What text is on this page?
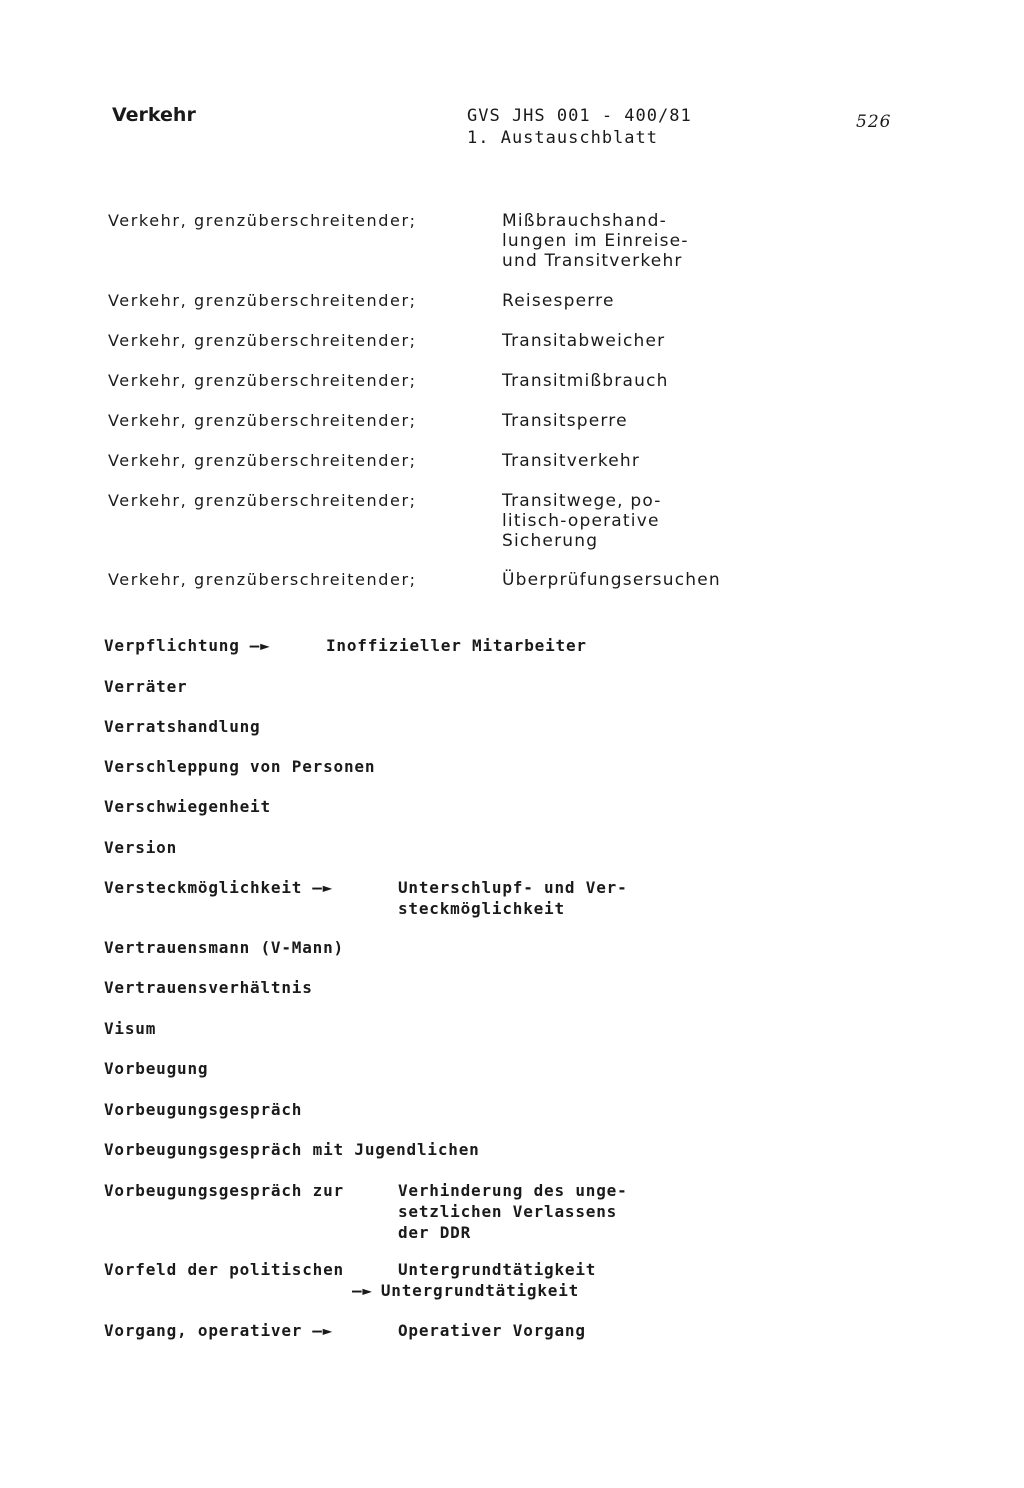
Verkehr	GVS JHS 001 - 400/81
1. Austauschblatt
526
Verkehr, grenzüberschreitender;	Mißbrauchshand-
lungen im Einreise-
und Transitverkehr
Verkehr, grenzüberschreitender;	Reisesperre
Verkehr, grenzüberschreitender;	Transitabweicher
Verkehr, grenzüberschreitender;	Transitmißbrauch
Verkehr, grenzüberschreitender;	Transitsperre
Verkehr, grenzüberschreitender;	Transitverkehr
Verkehr, grenzüberschreitender;	Transitwege, po-
litisch-operative
Sicherung
Verkehr, grenzüberschreitender;	Überprüfungsersuchen
Verpflichtung —►	Inoffizieller Mitarbeiter
Verräter
Verratshandlung
Verschleppung von Personen
Verschwiegenheit
Version
Versteckmöglichkeit —►	Unterschlupf- und Ver-
steckmöglichkeit
Vertrauensmann (V-Mann)
Vertrauensverhältnis
Visum
Vorbeugung
Vorbeugungsgespräch
Vorbeugungsgespräch mit Jugendlichen
Vorbeugungsgespräch zur	Verhinderung des unge-
setzlichen Verlassens
der DDR
Vorfeld der politischen	Untergrundtätigkeit
—► Untergrundtätigkeit
Vorgang, operativer —►	Operativer Vorgang
